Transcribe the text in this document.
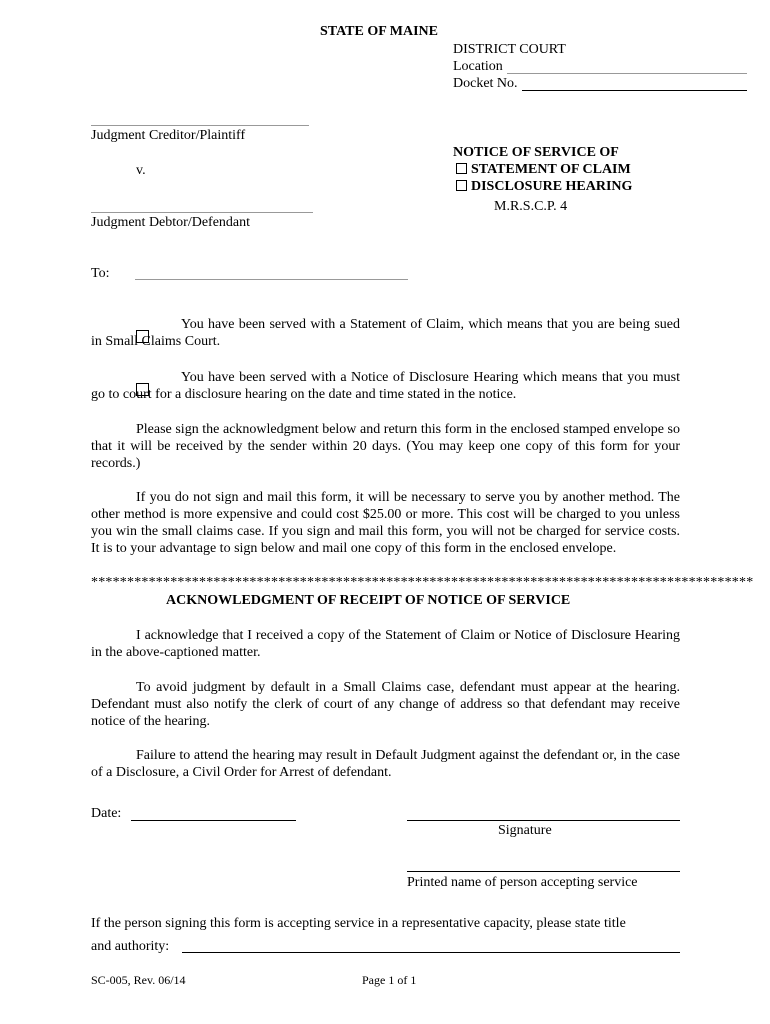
STATE OF MAINE
DISTRICT COURT
Location
Docket No.
Judgment Creditor/Plaintiff
v.
Judgment Debtor/Defendant
NOTICE OF SERVICE OF
STATEMENT OF CLAIM
DISCLOSURE HEARING
M.R.S.C.P. 4
To:
You have been served with a Statement of Claim, which means that you are being sued in Small Claims Court.
You have been served with a Notice of Disclosure Hearing which means that you must go to court for a disclosure hearing on the date and time stated in the notice.
Please sign the acknowledgment below and return this form in the enclosed stamped envelope so that it will be received by the sender within 20 days. (You may keep one copy of this form for your records.)
If you do not sign and mail this form, it will be necessary to serve you by another method. The other method is more expensive and could cost $25.00 or more. This cost will be charged to you unless you win the small claims case. If you sign and mail this form, you will not be charged for service costs. It is to your advantage to sign below and mail one copy of this form in the enclosed envelope.
********************************************************************************************
ACKNOWLEDGMENT OF RECEIPT OF NOTICE OF SERVICE
I acknowledge that I received a copy of the Statement of Claim or Notice of Disclosure Hearing in the above-captioned matter.
To avoid judgment by default in a Small Claims case, defendant must appear at the hearing. Defendant must also notify the clerk of court of any change of address so that defendant may receive notice of the hearing.
Failure to attend the hearing may result in Default Judgment against the defendant or, in the case of a Disclosure, a Civil Order for Arrest of defendant.
Date:
Signature
Printed name of person accepting service
If the person signing this form is accepting service in a representative capacity, please state title
and authority:
SC-005, Rev. 06/14	Page 1 of 1
